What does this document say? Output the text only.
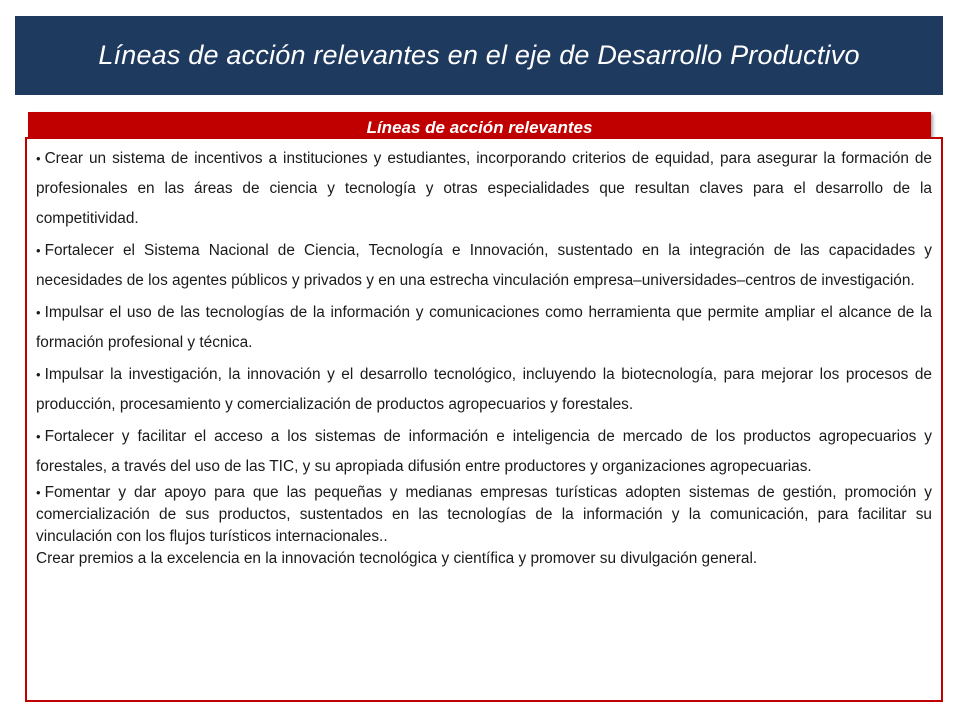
Líneas de acción relevantes en el eje de Desarrollo Productivo
Líneas de acción relevantes

• Crear un sistema de incentivos a instituciones y estudiantes, incorporando criterios de equidad, para asegurar la formación de profesionales en las áreas de ciencia y tecnología y otras especialidades que resultan claves para el desarrollo de la competitividad.

• Fortalecer el Sistema Nacional de Ciencia, Tecnología e Innovación, sustentado en la integración de las capacidades y necesidades de los agentes públicos y privados y en una estrecha vinculación empresa–universidades–centros de investigación.

• Impulsar el uso de las tecnologías de la información y comunicaciones como herramienta que permite ampliar el alcance de la formación profesional y técnica.

• Impulsar la investigación, la innovación y el desarrollo tecnológico, incluyendo la biotecnología, para mejorar los procesos de producción, procesamiento y comercialización de productos agropecuarios y forestales.

• Fortalecer y facilitar el acceso a los sistemas de información e inteligencia de mercado de los productos agropecuarios y forestales, a través del uso de las TIC, y su apropiada difusión entre productores y organizaciones agropecuarias.

• Fomentar y dar apoyo para que las pequeñas y medianas empresas turísticas adopten sistemas de gestión, promoción y comercialización de sus productos, sustentados en las tecnologías de la información y la comunicación, para facilitar su vinculación con los flujos turísticos internacionales..

Crear premios a la excelencia en la innovación tecnológica y científica y promover su divulgación general.
